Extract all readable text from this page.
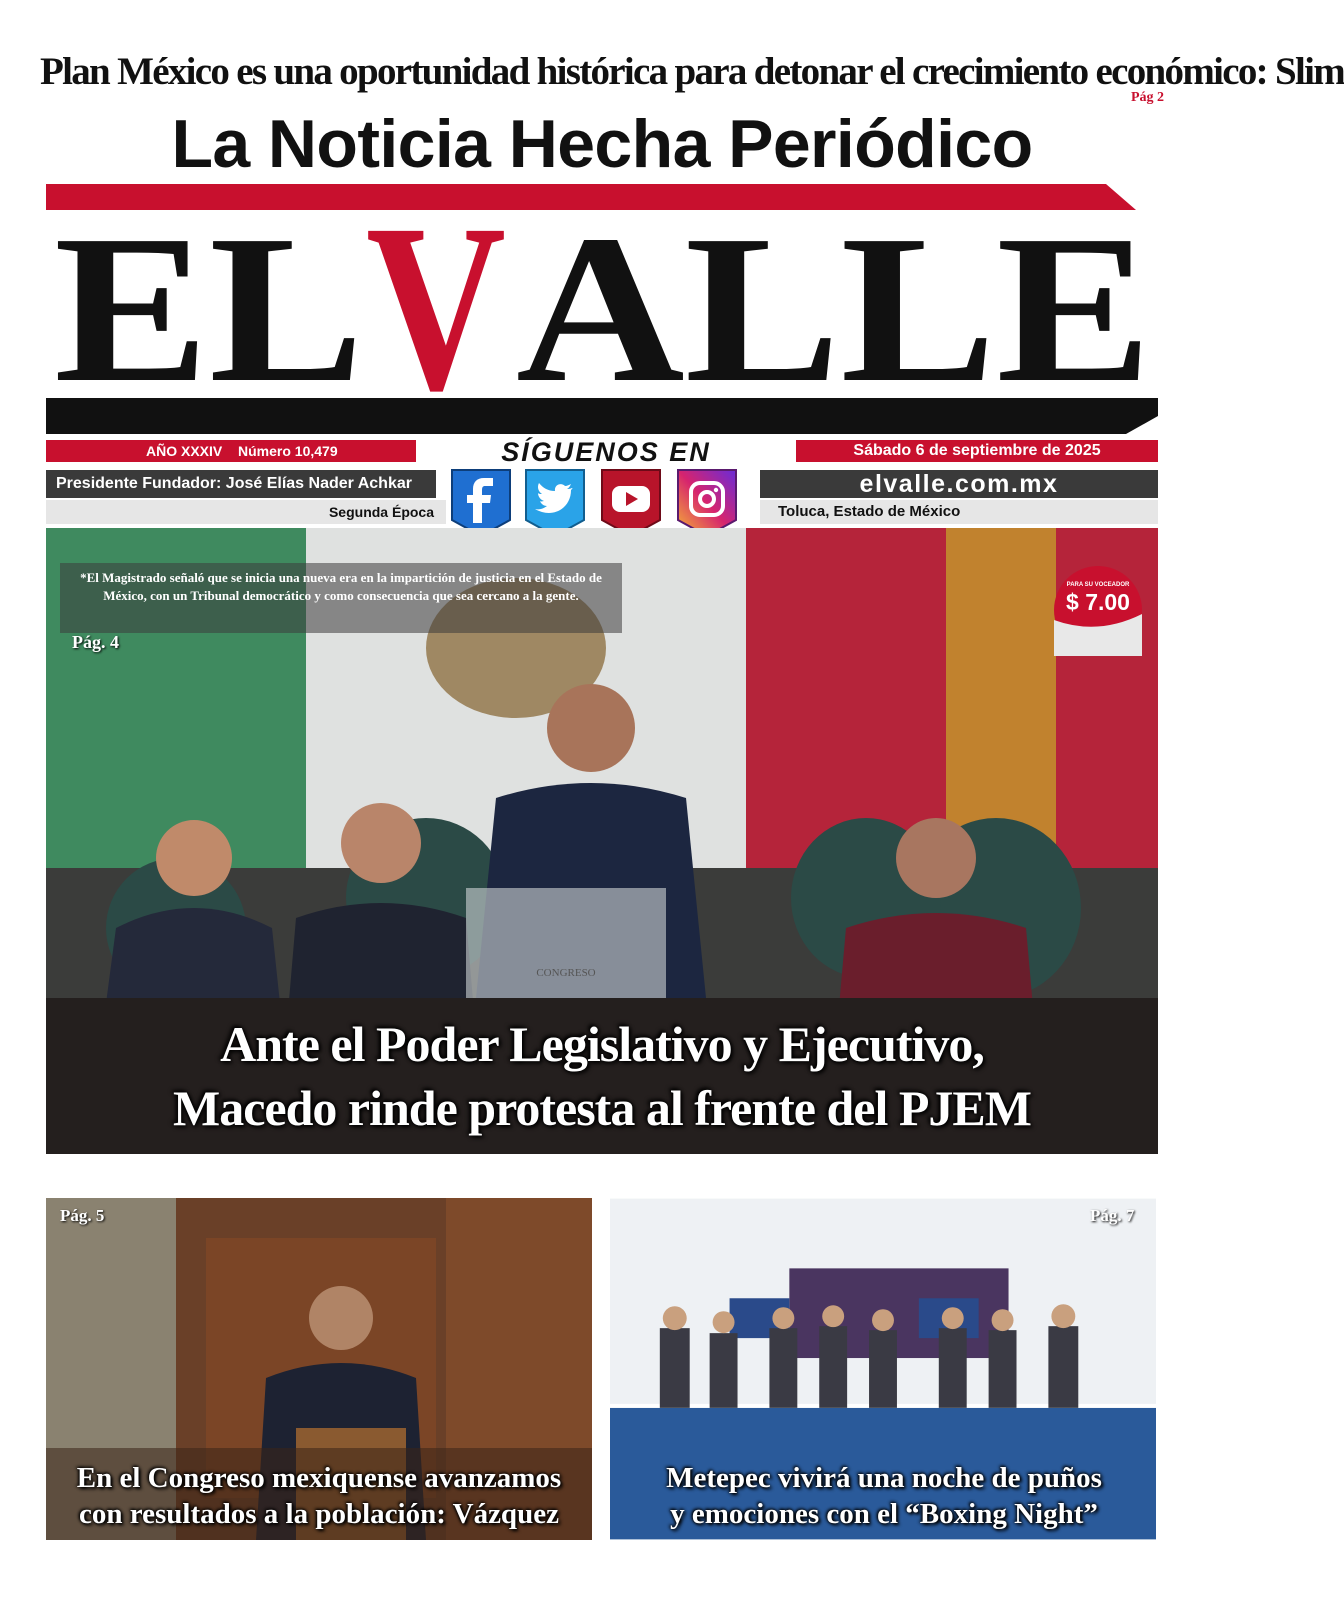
Plan México es una oportunidad histórica para detonar el crecimiento económico: Slim
Pág 2
La Noticia Hecha Periódico
EL V ALLE
AÑO XXXIV Número 10,479	SÍGUENOS EN	Sábado 6 de septiembre de 2025
Presidente Fundador: José Elías Nader Achkar	elvalle.com.mx
Segunda Época	Toluca, Estado de México
CONGRESO
*El Magistrado señaló que se inicia una nueva era en la impartición de justicia en el Estado de México, con un Tribunal democrático y como consecuencia que sea cercano a la gente.
Pág. 4
PARA SU VOCEADOR
$ 7.00
Ante el Poder Legislativo y Ejecutivo,
Macedo rinde protesta al frente del PJEM
Pág. 5
En el Congreso mexiquense avanzamos
con resultados a la población: Vázquez
Pág. 7
Metepec vivirá una noche de puños
y emociones con el “Boxing Night”
